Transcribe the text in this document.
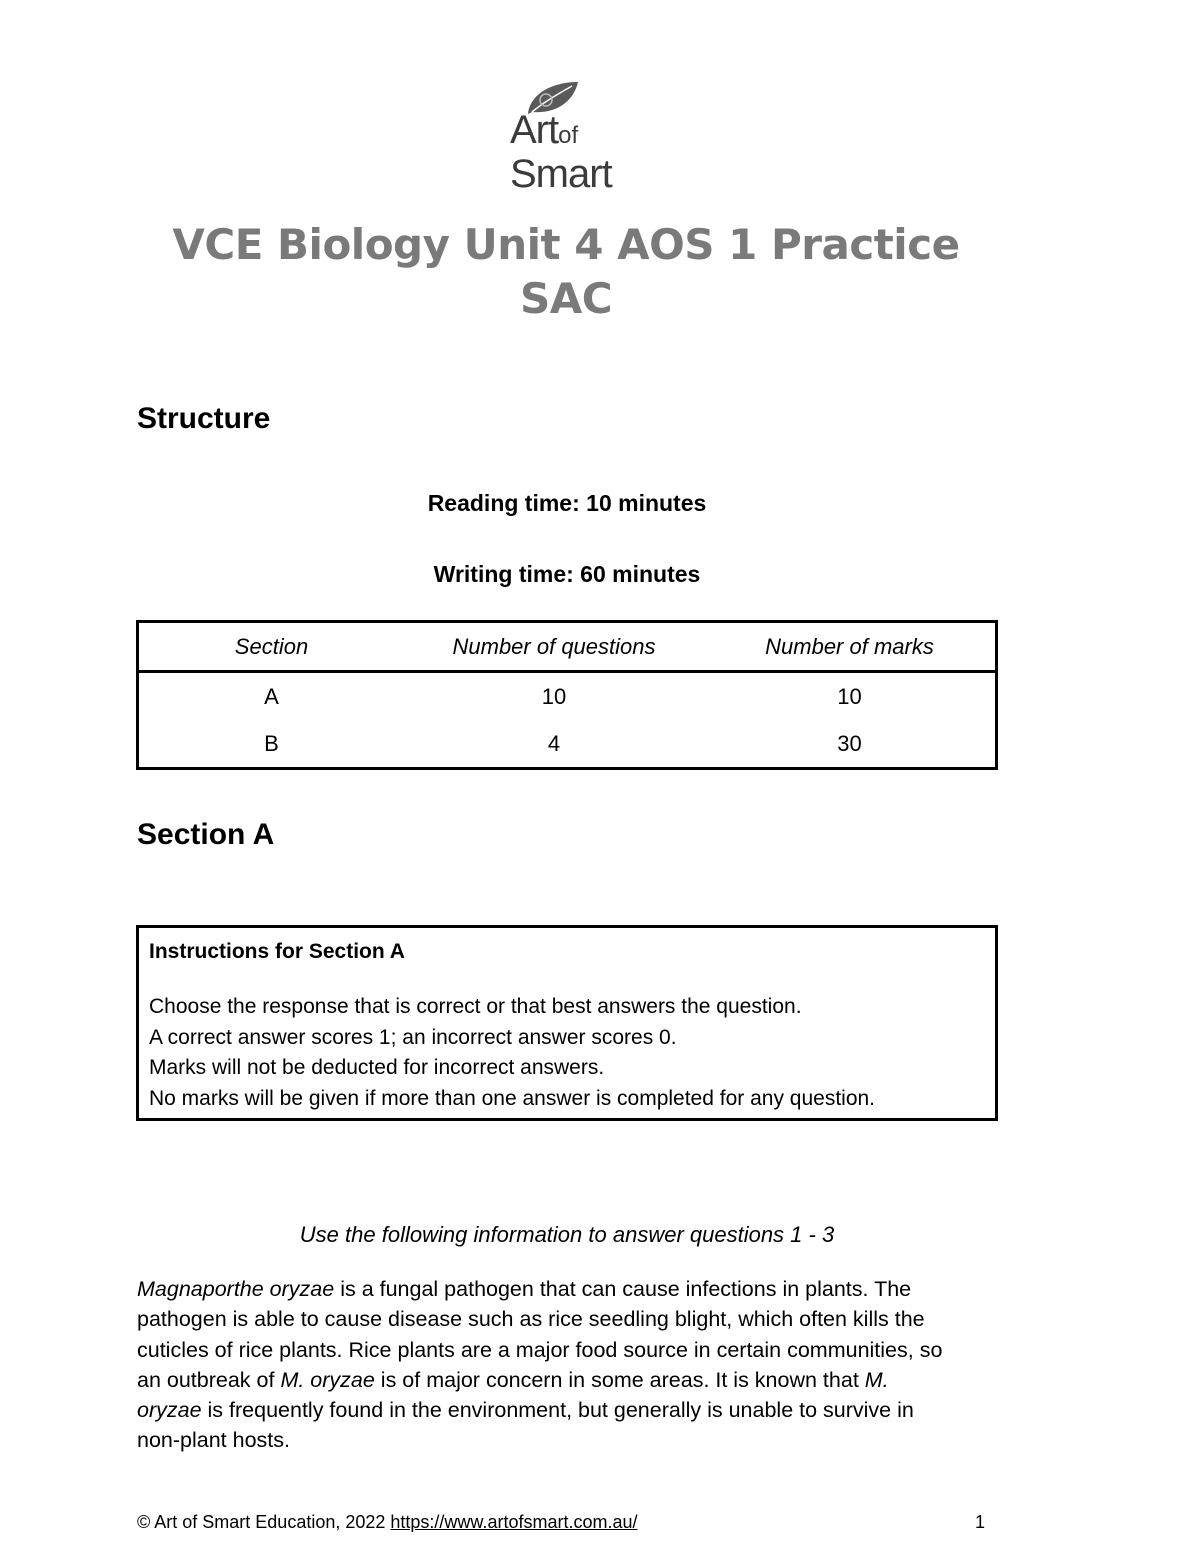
Artof
Smart
VCE Biology Unit 4 AOS 1 Practice
SAC
Structure
Reading time: 10 minutes
Writing time: 60 minutes
Section	Number of questions	Number of marks
A	10	10
B	4	30
Section A
Instructions for Section A
Choose the response that is correct or that best answers the question.
A correct answer scores 1; an incorrect answer scores 0.
Marks will not be deducted for incorrect answers.
No marks will be given if more than one answer is completed for any question.
Use the following information to answer questions 1 - 3
Magnaporthe oryzae is a fungal pathogen that can cause infections in plants. The
pathogen is able to cause disease such as rice seedling blight, which often kills the
cuticles of rice plants. Rice plants are a major food source in certain communities, so
an outbreak of M. oryzae is of major concern in some areas. It is known that M.
oryzae is frequently found in the environment, but generally is unable to survive in
non-plant hosts.
© Art of Smart Education, 2022 https://www.artofsmart.com.au/	1
